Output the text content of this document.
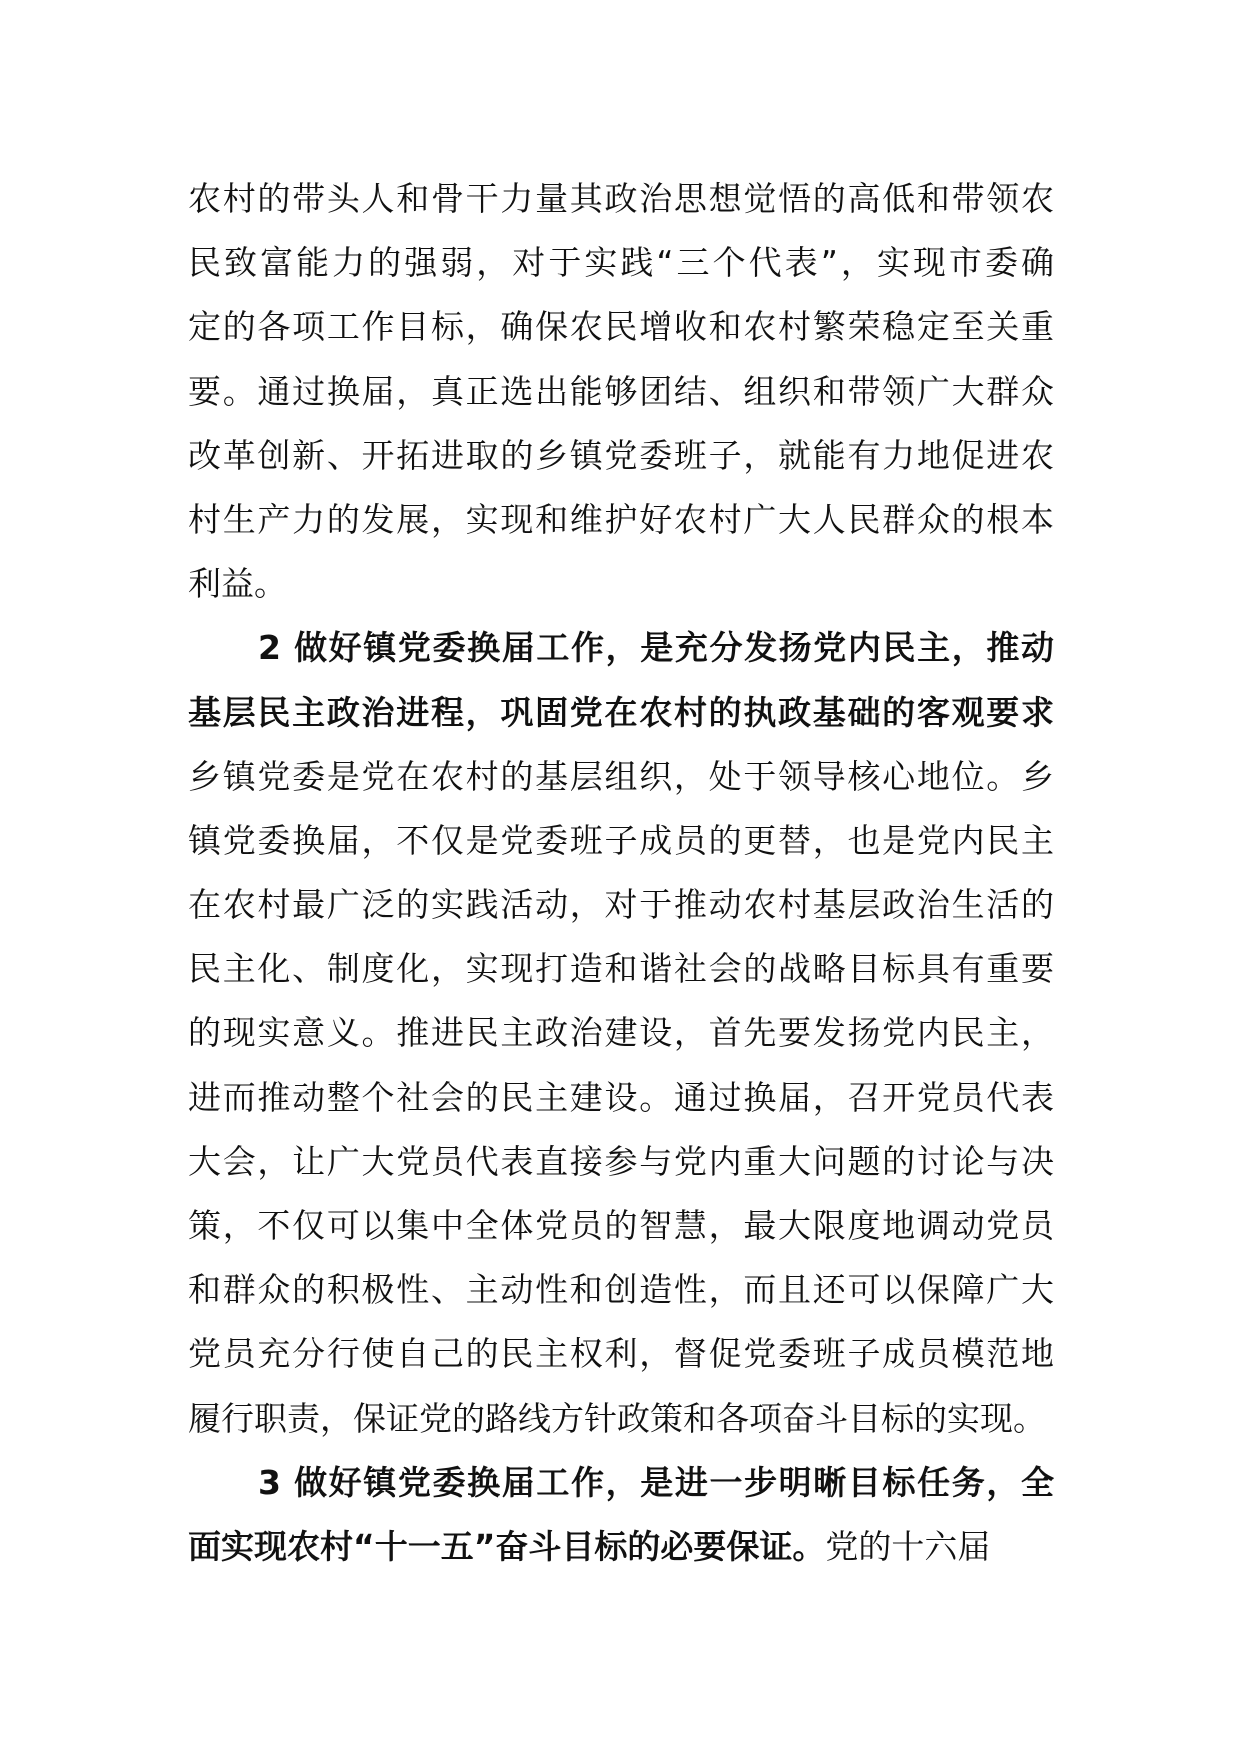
农村的带头人和骨干力量其政治思想觉悟的高低和带领农
民致富能力的强弱，对于实践“三个代表”，实现市委确
定的各项工作目标，确保农民增收和农村繁荣稳定至关重
要。通过换届，真正选出能够团结、组织和带领广大群众
改革创新、开拓进取的乡镇党委班子，就能有力地促进农
村生产力的发展，实现和维护好农村广大人民群众的根本
利益。
2 做好镇党委换届工作，是充分发扬党内民主，推动
基层民主政治进程，巩固党在农村的执政基础的客观要求
乡镇党委是党在农村的基层组织，处于领导核心地位。乡
镇党委换届，不仅是党委班子成员的更替，也是党内民主
在农村最广泛的实践活动，对于推动农村基层政治生活的
民主化、制度化，实现打造和谐社会的战略目标具有重要
的现实意义。推进民主政治建设，首先要发扬党内民主，
进而推动整个社会的民主建设。通过换届，召开党员代表
大会，让广大党员代表直接参与党内重大问题的讨论与决
策，不仅可以集中全体党员的智慧，最大限度地调动党员
和群众的积极性、主动性和创造性，而且还可以保障广大
党员充分行使自己的民主权利，督促党委班子成员模范地
履行职责，保证党的路线方针政策和各项奋斗目标的实现。
3 做好镇党委换届工作，是进一步明晰目标任务，全
面实现农村“十一五”奋斗目标的必要保证。党的十六届
